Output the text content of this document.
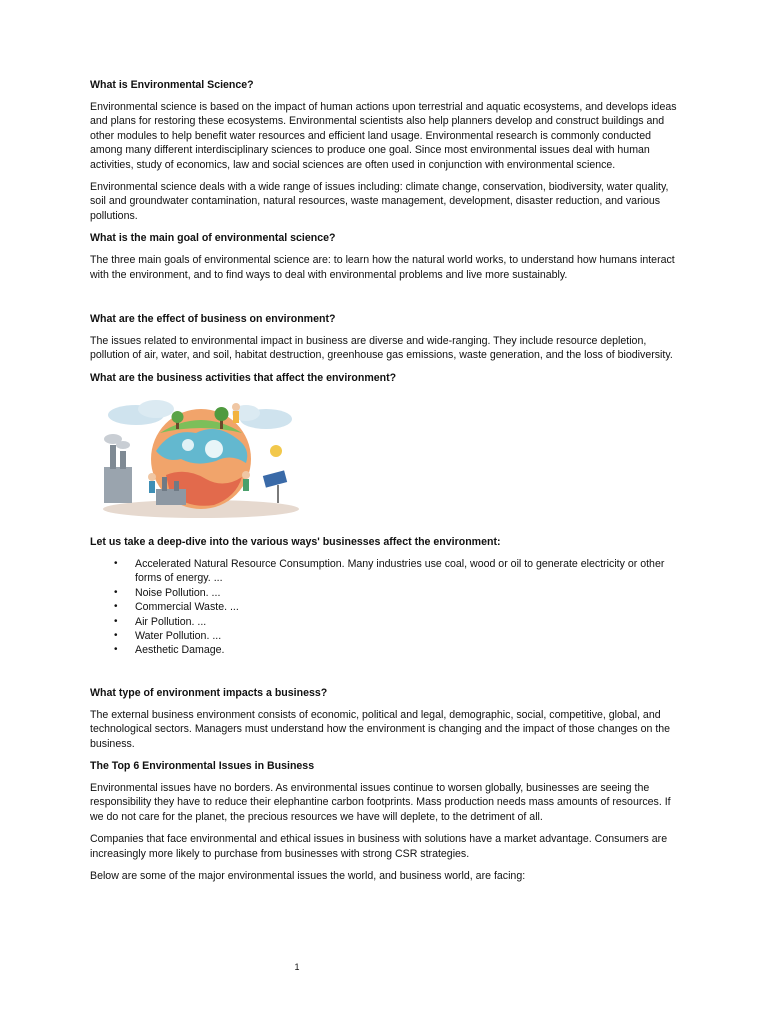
What is Environmental Science?

Environmental science is based on the impact of human actions upon terrestrial and aquatic ecosystems, and develops ideas and plans for restoring these ecosystems. Environmental scientists also help planners develop and construct buildings and other modules to help benefit water resources and efficient land usage. Environmental research is commonly conducted among many different interdisciplinary sciences to produce one goal. Since most environmental issues deal with human activities, study of economics, law and social sciences are often used in conjunction with environmental science.

Environmental science deals with a wide range of issues including: climate change, conservation, biodiversity, water quality, soil and groundwater contamination, natural resources, waste management, development, disaster reduction, and various pollutions.

What is the main goal of environmental science?

The three main goals of environmental science are: to learn how the natural world works, to understand how humans interact with the environment, and to find ways to deal with environmental problems and live more sustainably.

What are the effect of business on environment?

The issues related to environmental impact in business are diverse and wide-ranging. They include resource depletion, pollution of air, water, and soil, habitat destruction, greenhouse gas emissions, waste generation, and the loss of biodiversity.

What are the business activities that affect the environment?
Let us take a deep-dive into the various ways' businesses affect the environment:
• Accelerated Natural Resource Consumption. Many industries use coal, wood or oil to generate electricity or other forms of energy. ...
• Noise Pollution. ...
• Commercial Waste. ...
• Air Pollution. ...
• Water Pollution. ...
• Aesthetic Damage.
What type of environment impacts a business?

The external business environment consists of economic, political and legal, demographic, social, competitive, global, and technological sectors. Managers must understand how the environment is changing and the impact of those changes on the business.

The Top 6 Environmental Issues in Business

Environmental issues have no borders. As environmental issues continue to worsen globally, businesses are seeing the responsibility they have to reduce their elephantine carbon footprints. Mass production needs mass amounts of resources. If we do not care for the planet, the precious resources we have will deplete, to the detriment of all.

Companies that face environmental and ethical issues in business with solutions have a market advantage. Consumers are increasingly more likely to purchase from businesses with strong CSR strategies.

Below are some of the major environmental issues the world, and business world, are facing:

1
